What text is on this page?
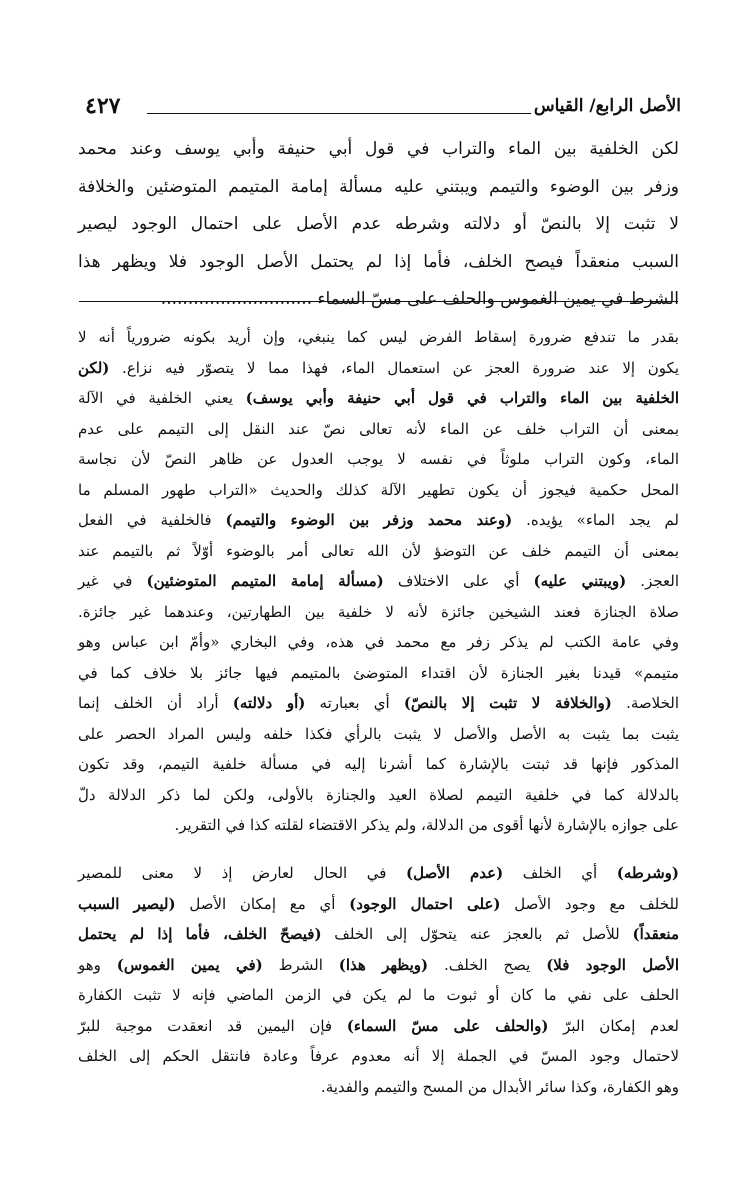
٤٢٧	الأصل الرابع/ القياس
لكن الخلفية بين الماء والتراب في قول أبي حنيفة وأبي يوسف وعند محمد
وزفر بين الوضوء والتيمم ويبتني عليه مسألة إمامة المتيمم المتوضئين والخلافة
لا تثبت إلا بالنصّ أو دلالته وشرطه عدم الأصل على احتمال الوجود ليصير
السبب منعقداً فيصح الخلف، فأما إذا لم يحتمل الأصل الوجود فلا ويظهر هذا
الشرط في يمين الغموس والحلف على مسّ السماء ............................
بقدر ما تندفع ضرورة إسقاط الفرض ليس كما ينبغي، وإن أريد بكونه ضرورياً أنه لا
يكون إلا عند ضرورة العجز عن استعمال الماء، فهذا مما لا يتصوّر فيه نزاع. (لكن
الخلفية بين الماء والتراب في قول أبي حنيفة وأبي يوسف) يعني الخلفية في الآلة
بمعنى أن التراب خلف عن الماء لأنه تعالى نصّ عند النقل إلى التيمم على عدم
الماء، وكون التراب ملوثاً في نفسه لا يوجب العدول عن ظاهر النصّ لأن نجاسة
المحل حكمية فيجوز أن يكون تطهير الآلة كذلك والحديث «التراب طهور المسلم ما
لم يجد الماء» يؤيده. (وعند محمد وزفر بين الوضوء والتيمم) فالخلفية في الفعل
بمعنى أن التيمم خلف عن التوضؤ لأن الله تعالى أمر بالوضوء أوّلاً ثم بالتيمم عند
العجز. (ويبتني عليه) أي على الاختلاف (مسألة إمامة المتيمم المتوضئين) في غير
صلاة الجنازة فعند الشيخين جائزة لأنه لا خلفية بين الطهارتين، وعندهما غير جائزة.
وفي عامة الكتب لم يذكر زفر مع محمد في هذه، وفي البخاري «وأمّ ابن عباس وهو
متيمم» قيدنا بغير الجنازة لأن اقتداء المتوضئ بالمتيمم فيها جائز بلا خلاف كما في
الخلاصة. (والخلافة لا تثبت إلا بالنصّ) أي بعبارته (أو دلالته) أراد أن الخلف إنما
يثبت بما يثبت به الأصل والأصل لا يثبت بالرأي فكذا خلفه وليس المراد الحصر على
المذكور فإنها قد ثبتت بالإشارة كما أشرنا إليه في مسألة خلفية التيمم، وقد تكون
بالدلالة كما في خلفية التيمم لصلاة العيد والجنازة بالأولى، ولكن لما ذكر الدلالة دلّ
على جوازه بالإشارة لأنها أقوى من الدلالة، ولم يذكر الاقتضاء لقلته كذا في التقرير.
(وشرطه) أي الخلف (عدم الأصل) في الحال لعارض إذ لا معنى للمصير
للخلف مع وجود الأصل (على احتمال الوجود) أي مع إمكان الأصل (ليصير السبب
منعقداً) للأصل ثم بالعجز عنه يتحوّل إلى الخلف (فيصحّ الخلف، فأما إذا لم يحتمل
الأصل الوجود فلا) يصح الخلف. (ويظهر هذا) الشرط (في يمين الغموس) وهو
الحلف على نفي ما كان أو ثبوت ما لم يكن في الزمن الماضي فإنه لا تثبت الكفارة
لعدم إمكان البرّ (والحلف على مسّ السماء) فإن اليمين قد انعقدت موجبة للبرّ
لاحتمال وجود المسّ في الجملة إلا أنه معدوم عرفاً وعادة فانتقل الحكم إلى الخلف
وهو الكفارة، وكذا سائر الأبدال من المسح والتيمم والفدية.
